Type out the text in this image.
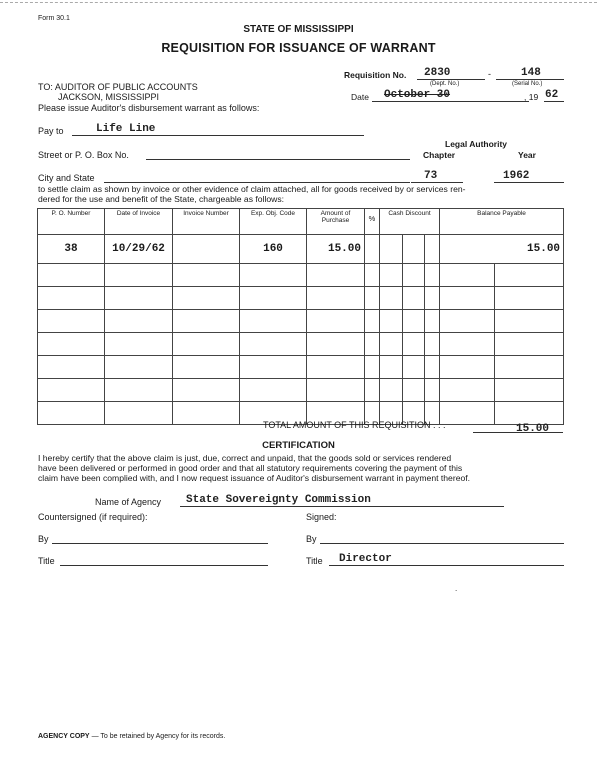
Form 30.1
STATE OF MISSISSIPPI
REQUISITION FOR ISSUANCE OF WARRANT
Requisition No. 2830
(Dept. No.)
-	148
(Serial No.)
TO: AUDITOR OF PUBLIC ACCOUNTS
JACKSON, MISSISSIPPI
Please issue Auditor's disbursement warrant as follows:
Date October 30	, 19 62
Pay to	Life Line
Legal Authority
Chapter	Year
Street or P. O. Box No.
City and State	73	1962
to settle claim as shown by invoice or other evidence of claim attached, all for goods received by or services ren-
dered for the use and benefit of the State, chargeable as follows:
P. O. Number	Date of Invoice	Invoice Number	Exp. Obj. Code	Amount of Purchase	%	Cash Discount			Balance Payable	
38	10/29/62		160	15.00					15.00	

TOTAL AMOUNT OF THIS REQUISITION . . .	15.00
CERTIFICATION
I hereby certify that the above claim is just, due, correct and unpaid, that the goods sold or services rendered
have been delivered or performed in good order and that all statutory requirements covering the payment of this
claim have been complied with, and I now request issuance of Auditor's disbursement warrant in payment thereof.
Name of Agency State Sovereignty Commission
Countersigned (if required):	Signed:
By	By
Title	Title Director
.
AGENCY COPY — To be retained by Agency for its records.
